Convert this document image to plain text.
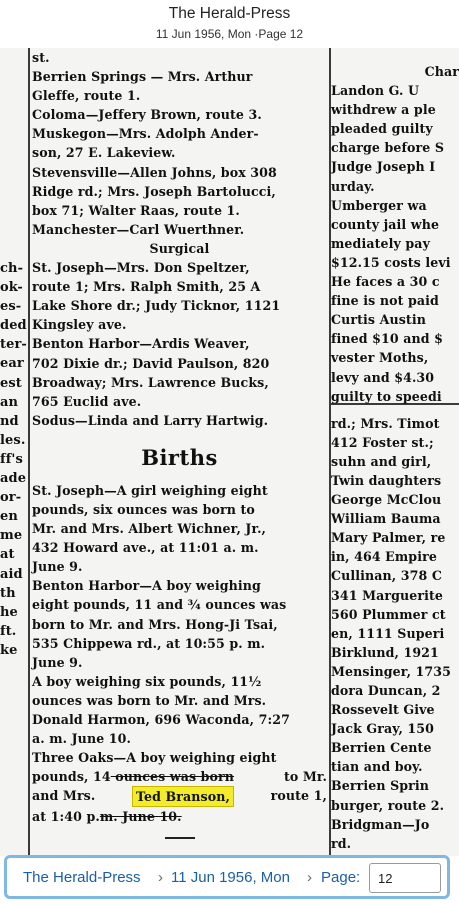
The Herald-Press
11 Jun 1956, Mon ·Page 12

ch-

ok-

es-

ded

ter-

ear

est

an

nd

les.

ff's

ade

or-

en

me

at

aid

th

he

ft.

ke

st.

Berrien Springs — Mrs. Arthur

Gleffe, route 1.

Coloma—Jeffery Brown, route 3.

Muskegon—Mrs. Adolph Ander-

son, 27 E. Lakeview.

Stevensville—Allen Johns, box 308

Ridge rd.; Mrs. Joseph Bartolucci,

box 71; Walter Raas, route 1.

Manchester—Carl Wuerthner.

Surgical

St. Joseph—Mrs. Don Speltzer,

route 1; Mrs. Ralph Smith, 25 A

Lake Shore dr.; Judy Ticknor, 1121

Kingsley ave.

Benton Harbor—Ardis Weaver,

702 Dixie dr.; David Paulson, 820

Broadway; Mrs. Lawrence Bucks,

765 Euclid ave.

Sodus—Linda and Larry Hartwig.

Births

St. Joseph—A girl weighing eight

pounds, six ounces was born to

Mr. and Mrs. Albert Wichner, Jr.,

432 Howard ave., at 11:01 a. m.

June 9.

Benton Harbor—A boy weighing

eight pounds, 11 and ¾ ounces was

born to Mr. and Mrs. Hong-Ji Tsai,

535 Chippewa rd., at 10:55 p. m.

June 9.

A boy weighing six pounds, 11½

ounces was born to Mr. and Mrs.

Donald Harmon, 696 Waconda, 7:27

a. m. June 10.

Three Oaks—A boy weighing eight

pounds, 14 ounces was born	to Mr.
and Mrs.	Ted Branson,	route 1,
at 1:40 p. m. June 10.

Char

Landon G. U

withdrew a ple

pleaded guilty

charge before S

Judge Joseph I

urday.

Umberger wa

county jail whe

mediately pay

$12.15 costs levi

He faces a 30 c

fine is not paid

Curtis Austin

fined $10 and $

vester Moths,

levy and $4.30

guilty to speedi

rd.; Mrs. Timot

412 Foster st.;

suhn and girl,

Twin daughters

George McClou

William Bauma

Mary Palmer, re

in, 464 Empire

Cullinan, 378 C

341 Marguerite

560 Plummer ct

en, 1111 Superi

Birklund, 1921

Mensinger, 1735

dora Duncan, 2

Rossevelt Give

Jack Gray, 150

Berrien Cente

tian and boy.

Berrien Sprin

burger, route 2.

Bridgman—Jo

rd.

The Herald-Press › 11 Jun 1956, Mon › Page:
12
